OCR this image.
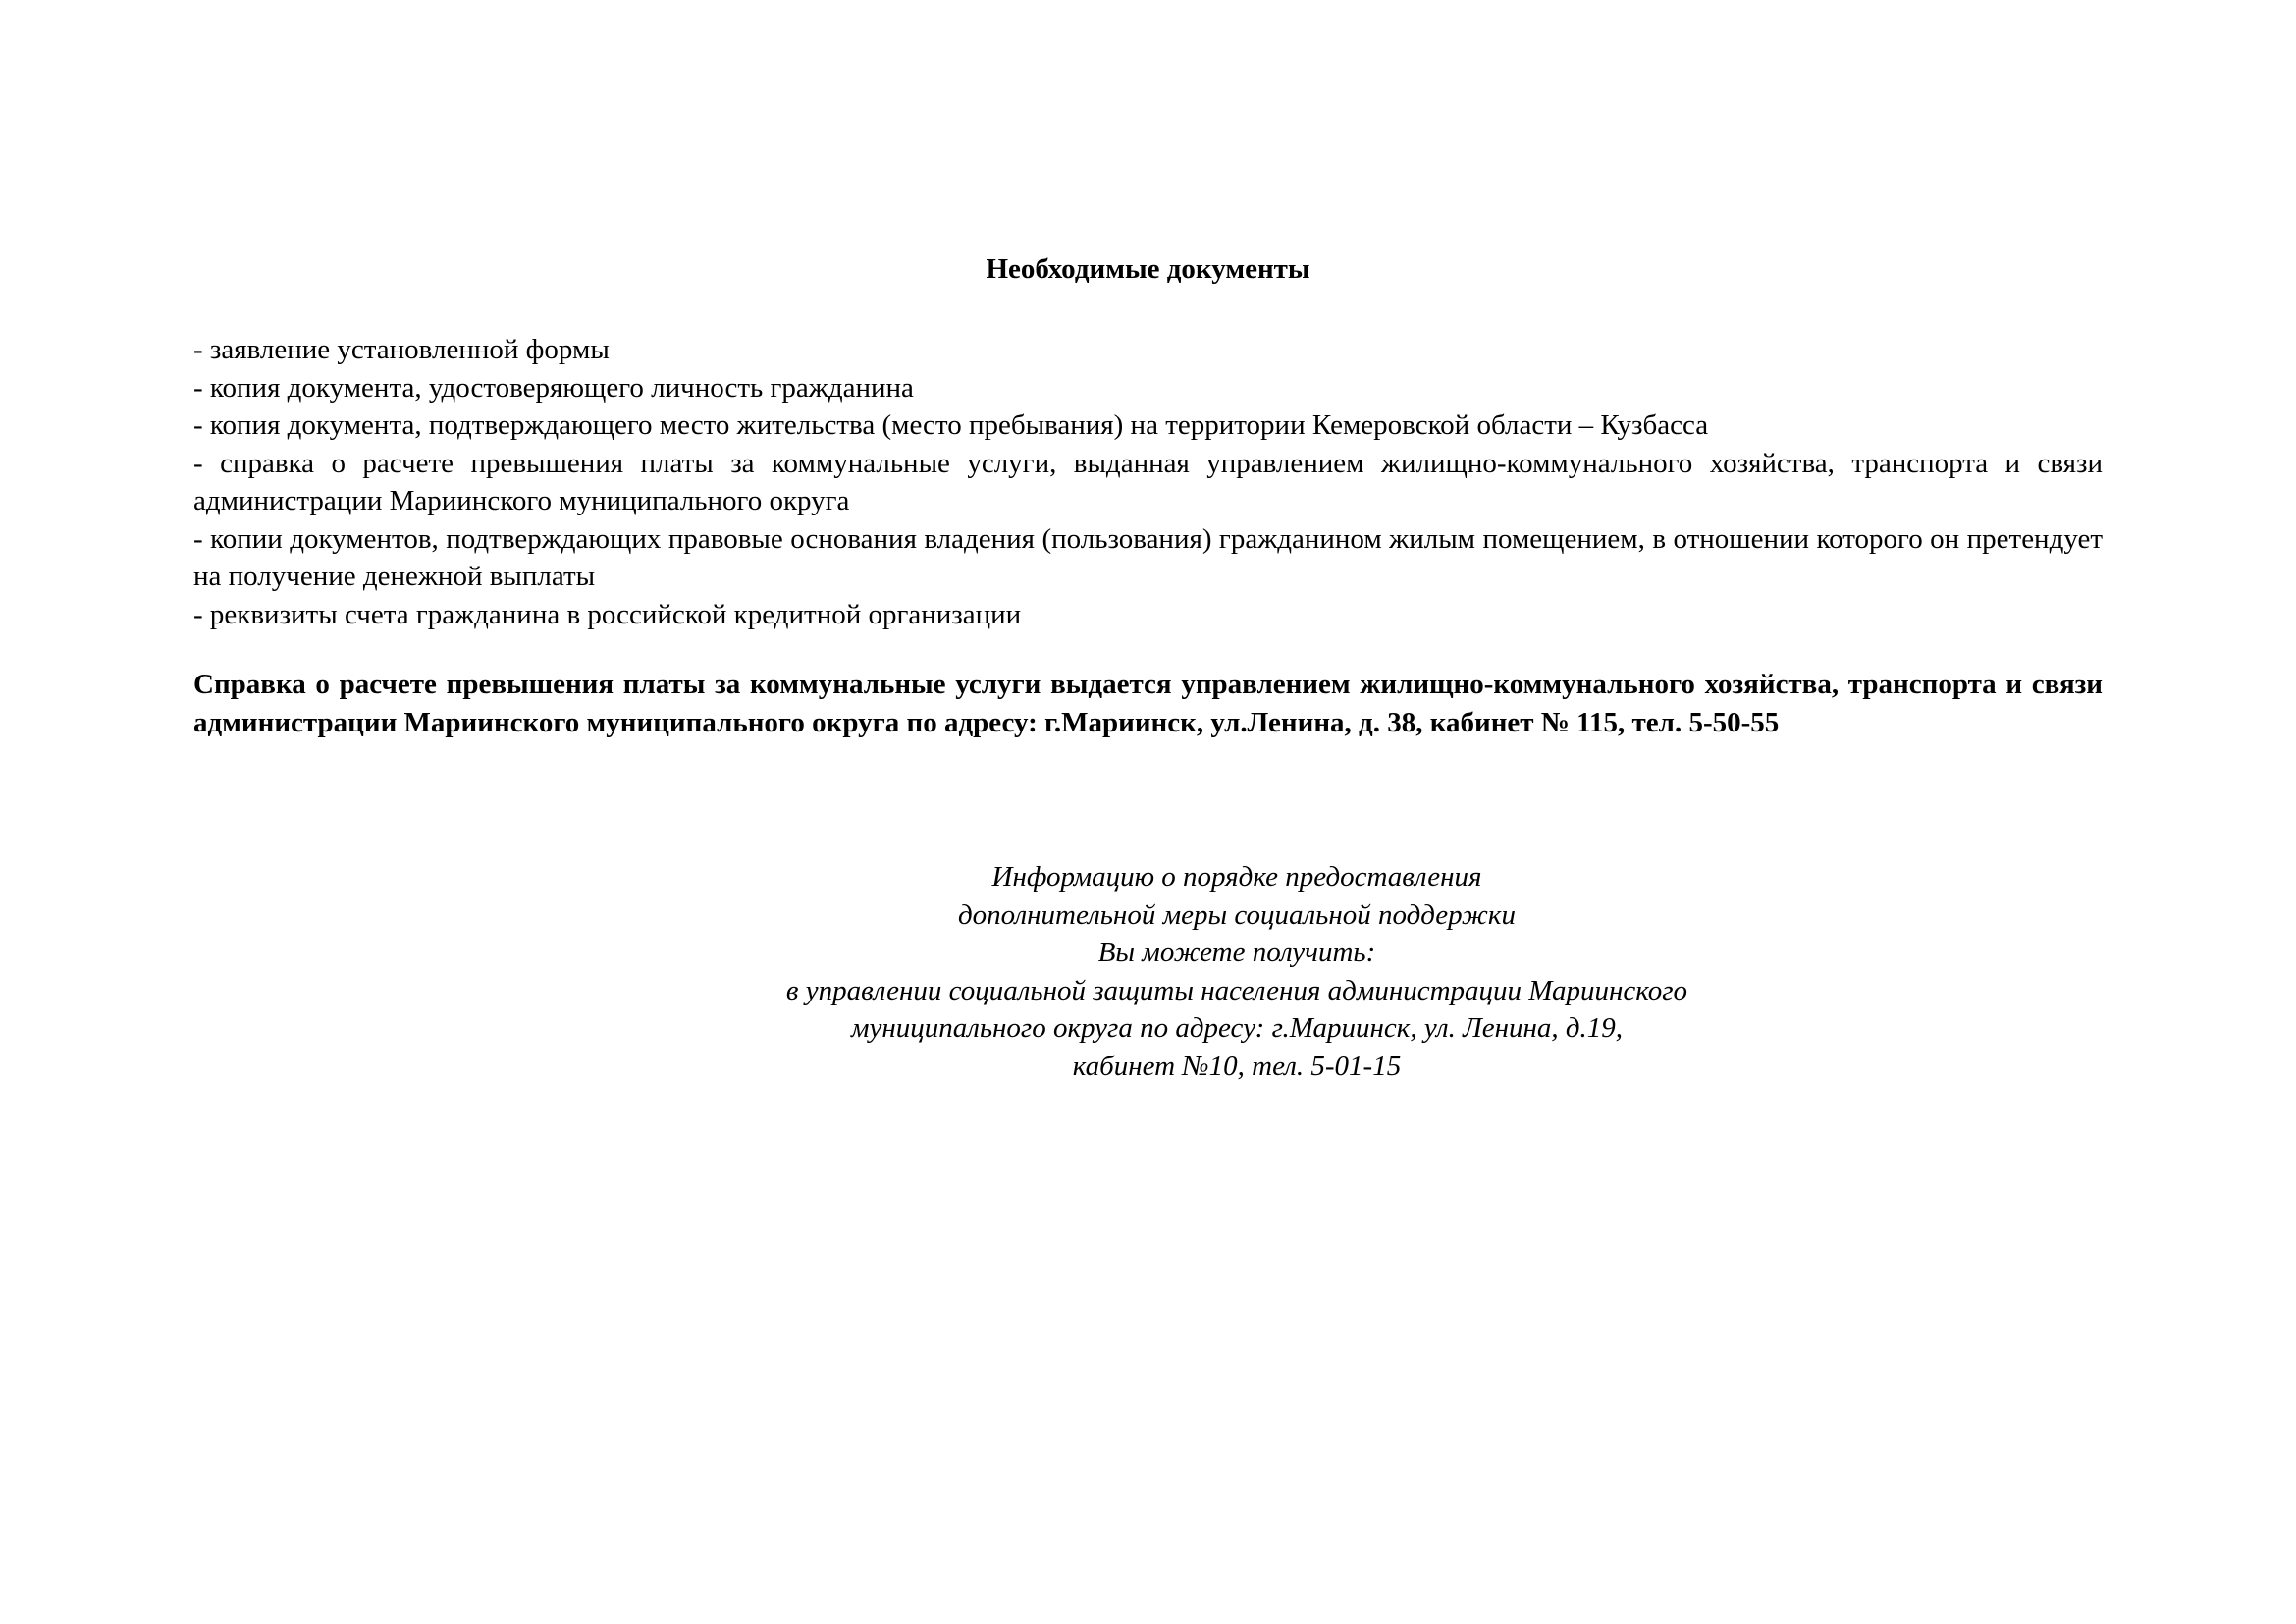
Необходимые документы
- заявление установленной формы
- копия документа, удостоверяющего личность гражданина
- копия документа, подтверждающего место жительства (место пребывания) на территории Кемеровской области – Кузбасса
- справка о расчете превышения платы за коммунальные услуги, выданная управлением жилищно-коммунального хозяйства, транспорта и связи администрации Мариинского муниципального округа
- копии документов, подтверждающих правовые основания владения (пользования) гражданином жилым помещением, в отношении которого он претендует на получение денежной выплаты
- реквизиты счета гражданина в российской кредитной организации
Справка о расчете превышения платы за коммунальные услуги выдается управлением жилищно-коммунального хозяйства, транспорта и связи администрации Мариинского муниципального округа по адресу: г.Мариинск, ул.Ленина, д. 38, кабинет № 115, тел. 5-50-55
Информацию о порядке предоставления
дополнительной меры социальной поддержки
Вы можете получить:
в управлении социальной защиты населения администрации Мариинского
муниципального округа по адресу: г.Мариинск, ул. Ленина, д.19,
кабинет №10, тел. 5-01-15
